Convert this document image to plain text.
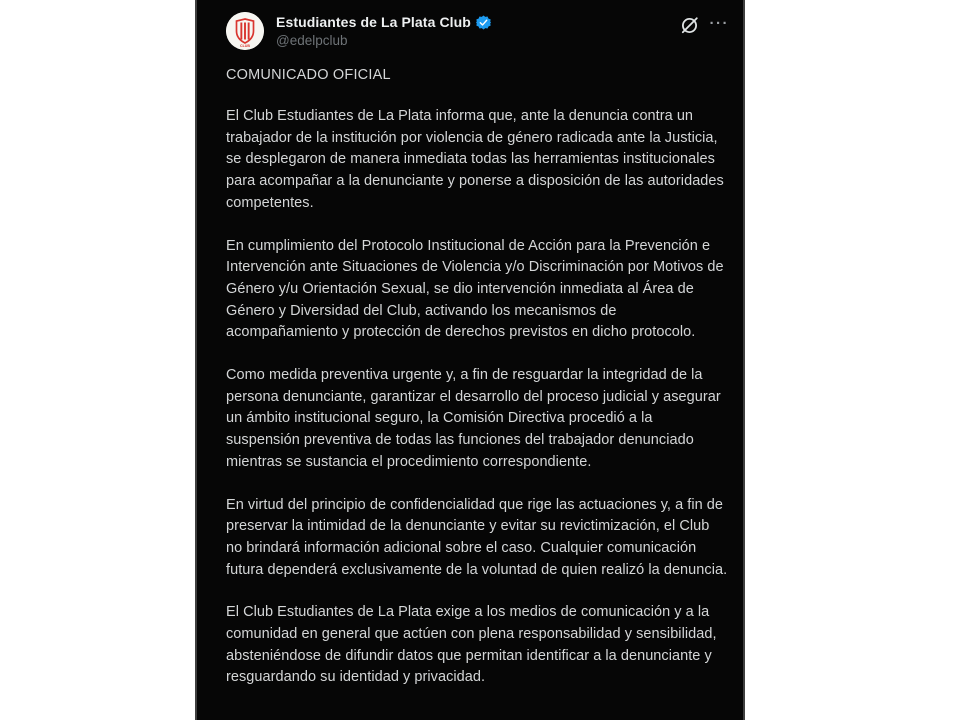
CLUB
Estudiantes de La Plata Club
@edelpclub
···
COMUNICADO OFICIAL

El Club Estudiantes de La Plata informa que, ante la denuncia contra un trabajador de la institución por violencia de género radicada ante la Justicia, se desplegaron de manera inmediata todas las herramientas institucionales para acompañar a la denunciante y ponerse a disposición de las autoridades competentes.

En cumplimiento del Protocolo Institucional de Acción para la Prevención e Intervención ante Situaciones de Violencia y/o Discriminación por Motivos de Género y/u Orientación Sexual, se dio intervención inmediata al Área de Género y Diversidad del Club, activando los mecanismos de acompañamiento y protección de derechos previstos en dicho protocolo.

Como medida preventiva urgente y, a fin de resguardar la integridad de la persona denunciante, garantizar el desarrollo del proceso judicial y asegurar un ámbito institucional seguro, la Comisión Directiva procedió a la suspensión preventiva de todas las funciones del trabajador denunciado mientras se sustancia el procedimiento correspondiente.

En virtud del principio de confidencialidad que rige las actuaciones y, a fin de preservar la intimidad de la denunciante y evitar su revictimización, el Club no brindará información adicional sobre el caso. Cualquier comunicación futura dependerá exclusivamente de la voluntad de quien realizó la denuncia.

El Club Estudiantes de La Plata exige a los medios de comunicación y a la comunidad en general que actúen con plena responsabilidad y sensibilidad, absteniéndose de difundir datos que permitan identificar a la denunciante y resguardando su identidad y privacidad.
